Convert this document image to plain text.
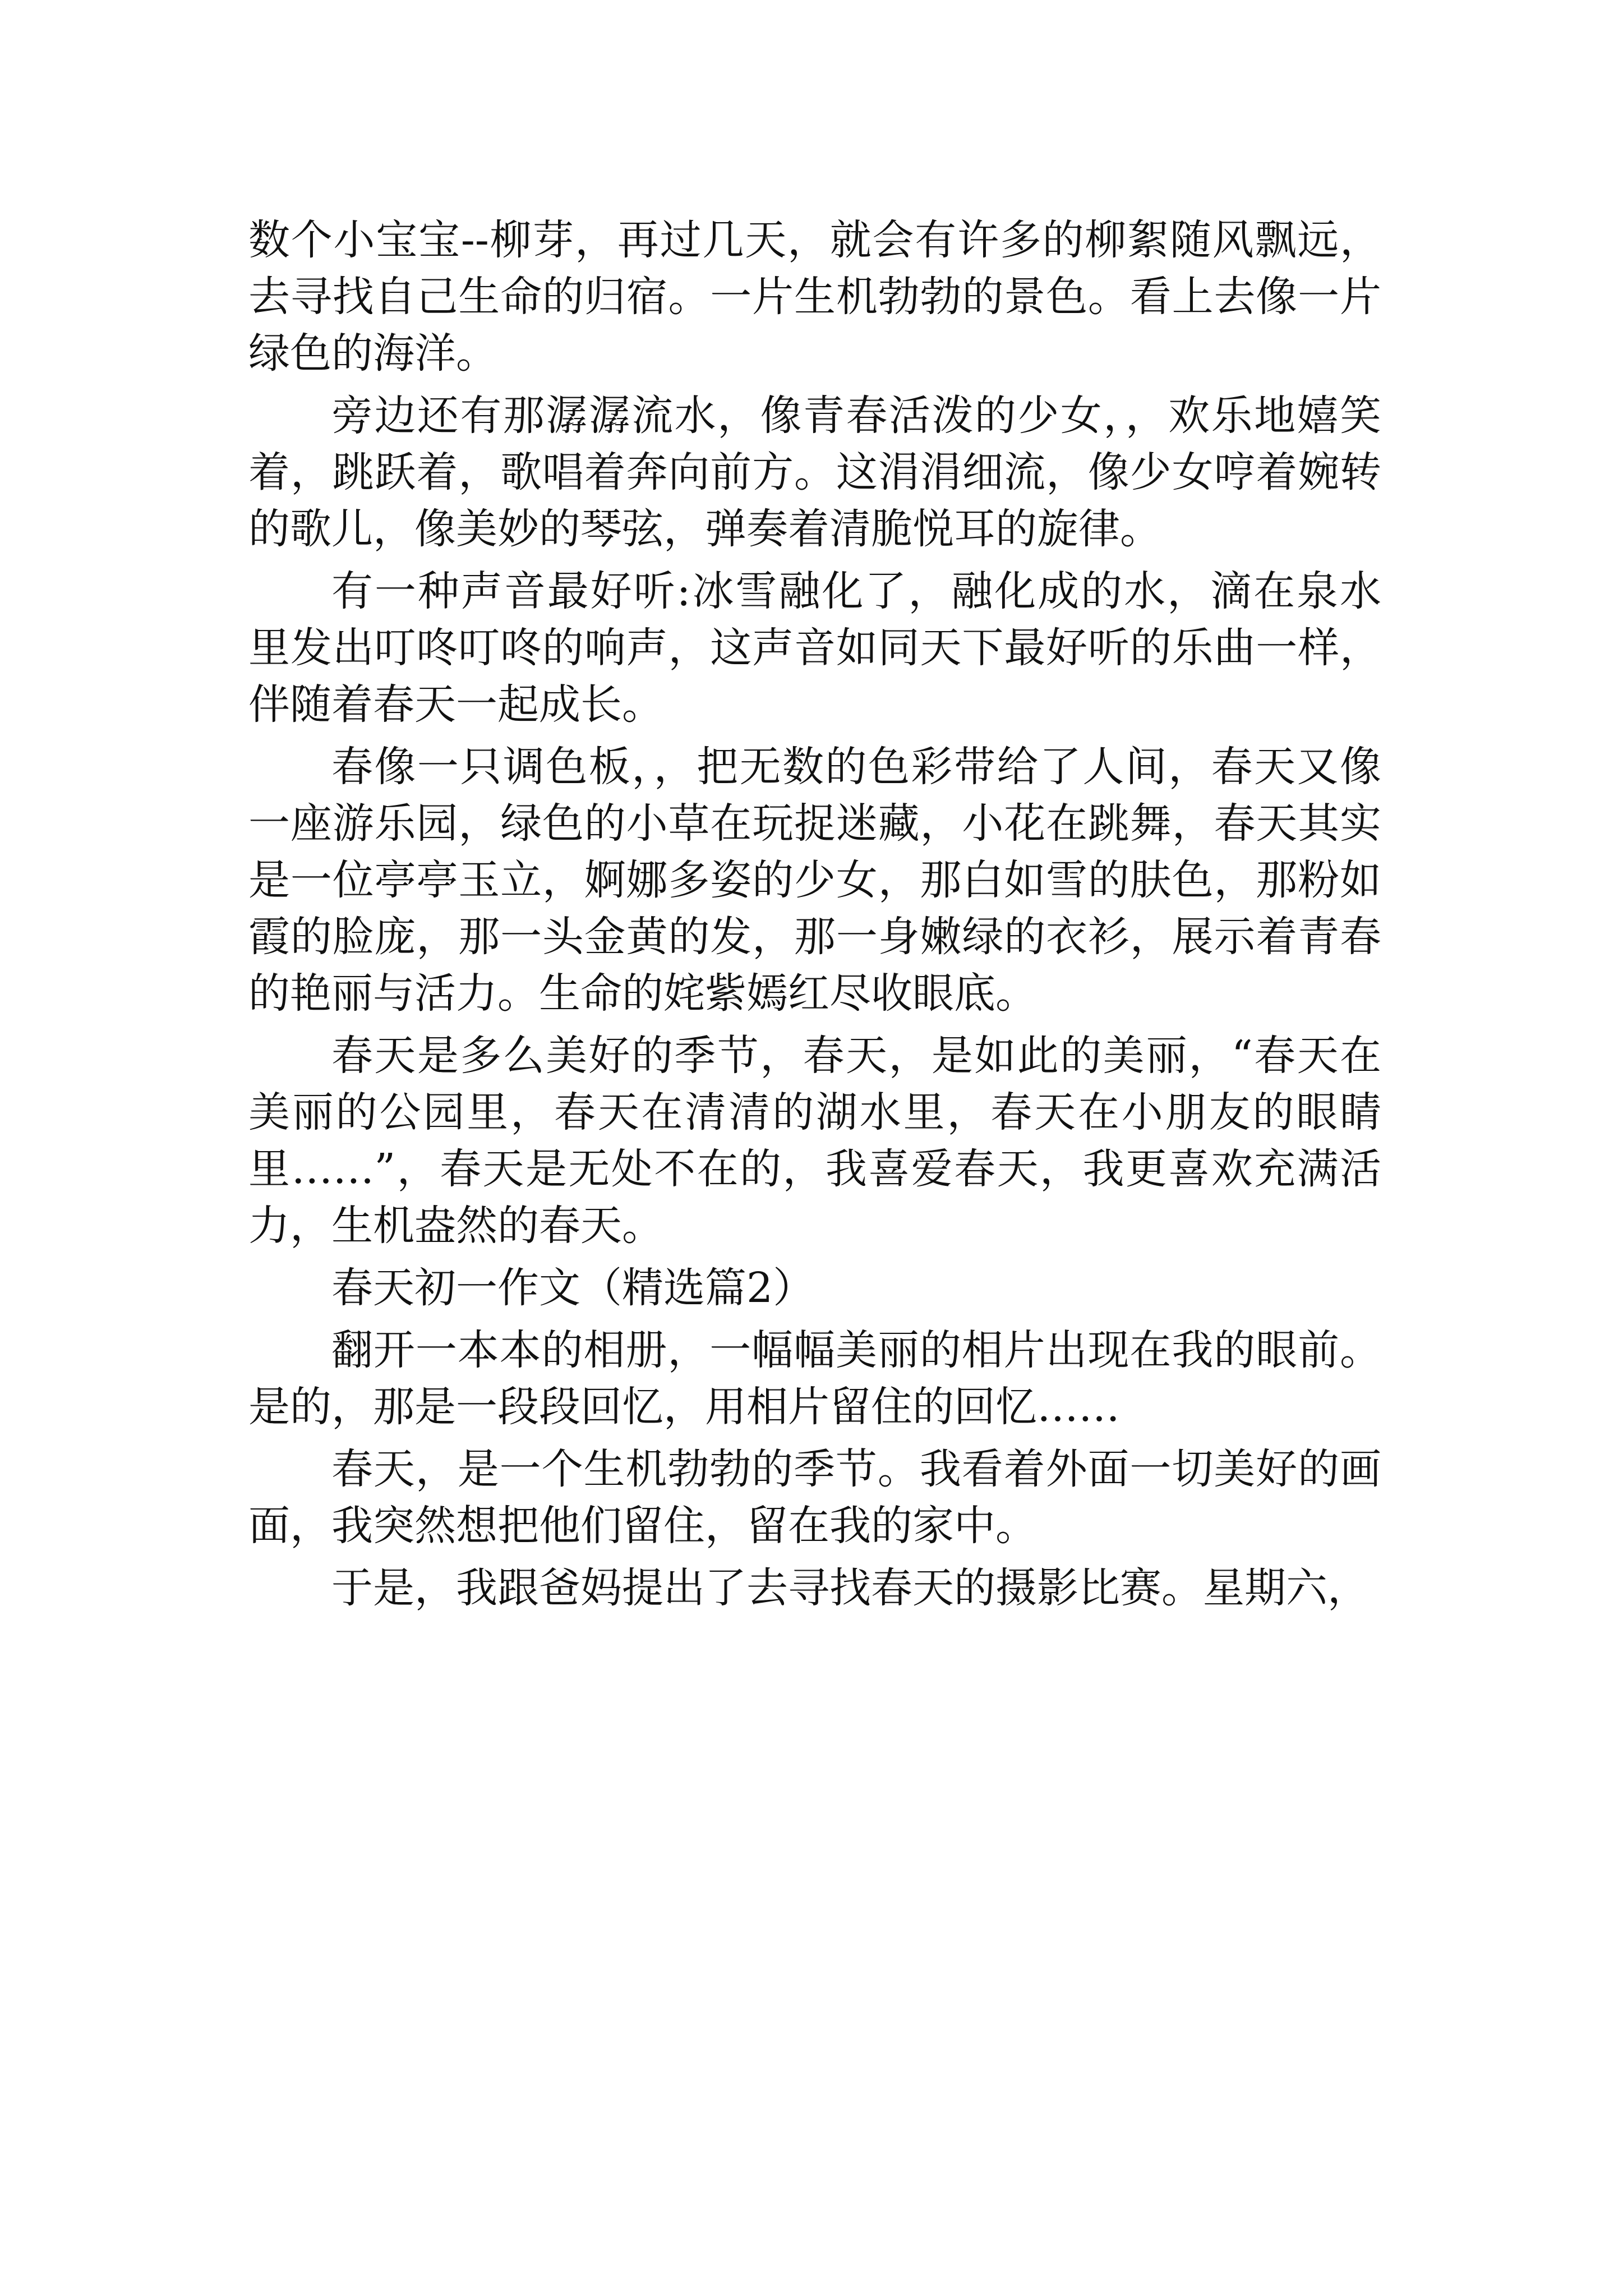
数个小宝宝--柳芽，再过几天，就会有许多的柳絮随风飘远，去寻找自己生命的归宿。一片生机勃勃的景色。看上去像一片绿色的海洋。

旁边还有那潺潺流水，像青春活泼的少女，，欢乐地嬉笑着，跳跃着，歌唱着奔向前方。这涓涓细流，像少女哼着婉转的歌儿，像美妙的琴弦，弹奏着清脆悦耳的旋律。

有一种声音最好听:冰雪融化了，融化成的水，滴在泉水里发出叮咚叮咚的响声，这声音如同天下最好听的乐曲一样，伴随着春天一起成长。

春像一只调色板，，把无数的色彩带给了人间，春天又像一座游乐园，绿色的小草在玩捉迷藏，小花在跳舞，春天其实是一位亭亭玉立，婀娜多姿的少女，那白如雪的肤色，那粉如霞的脸庞，那一头金黄的发，那一身嫩绿的衣衫，展示着青春的艳丽与活力。生命的姹紫嫣红尽收眼底。

春天是多么美好的季节，春天，是如此的美丽，“春天在美丽的公园里，春天在清清的湖水里，春天在小朋友的眼睛里……”，春天是无处不在的，我喜爱春天，我更喜欢充满活力，生机盎然的春天。

春天初一作文（精选篇2）

翻开一本本的相册，一幅幅美丽的相片出现在我的眼前。是的，那是一段段回忆，用相片留住的回忆……

春天，是一个生机勃勃的季节。我看着外面一切美好的画面，我突然想把他们留住，留在我的家中。

于是，我跟爸妈提出了去寻找春天的摄影比赛。星期六，
